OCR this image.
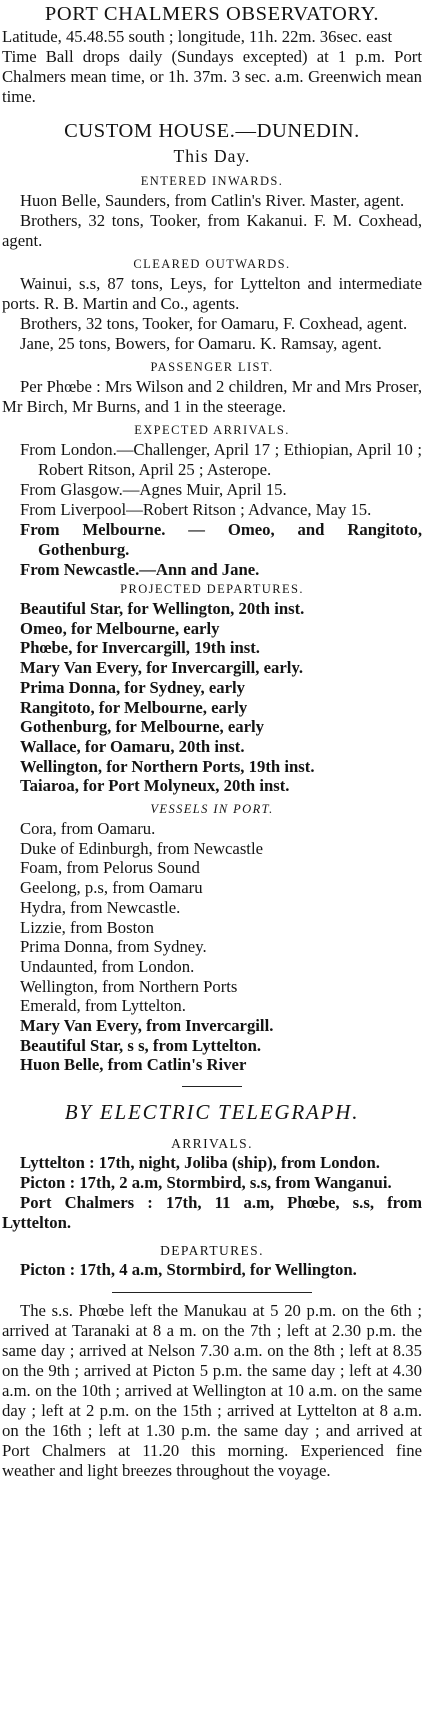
PORT CHALMERS OBSERVATORY.

Latitude, 45.48.55 south ; longitude, 11h. 22m. 36sec. east

Time Ball drops daily (Sundays excepted) at 1 p.m. Port Chalmers mean time, or 1h. 37m. 3 sec. a.m. Greenwich mean time.

CUSTOM HOUSE.—DUNEDIN.

This Day.

ENTERED INWARDS.

Huon Belle, Saunders, from Catlin's River. Master, agent.

Brothers, 32 tons, Tooker, from Kakanui. F. M. Coxhead, agent.

CLEARED OUTWARDS.

Wainui, s.s, 87 tons, Leys, for Lyttelton and intermediate ports. R. B. Martin and Co., agents.

Brothers, 32 tons, Tooker, for Oamaru, F. Coxhead, agent.

Jane, 25 tons, Bowers, for Oamaru. K. Ramsay, agent.

PASSENGER LIST.

Per Phœbe : Mrs Wilson and 2 children, Mr and Mrs Proser, Mr Birch, Mr Burns, and 1 in the steerage.

EXPECTED ARRIVALS.

From London.—Challenger, April 17 ; Ethiopian, April 10 ; Robert Ritson, April 25 ; Asterope.

From Glasgow.—Agnes Muir, April 15.

From Liverpool—Robert Ritson ; Advance, May 15.

From Melbourne. — Omeo, and Rangitoto, Gothenburg.

From Newcastle.—Ann and Jane.

PROJECTED DEPARTURES.

Beautiful Star, for Wellington, 20th inst.

Omeo, for Melbourne, early

Phœbe, for Invercargill, 19th inst.

Mary Van Every, for Invercargill, early.

Prima Donna, for Sydney, early

Rangitoto, for Melbourne, early

Gothenburg, for Melbourne, early

Wallace, for Oamaru, 20th inst.

Wellington, for Northern Ports, 19th inst.

Taiaroa, for Port Molyneux, 20th inst.

VESSELS IN PORT.

Cora, from Oamaru.

Duke of Edinburgh, from Newcastle

Foam, from Pelorus Sound

Geelong, p.s, from Oamaru

Hydra, from Newcastle.

Lizzie, from Boston

Prima Donna, from Sydney.

Undaunted, from London.

Wellington, from Northern Ports

Emerald, from Lyttelton.

Mary Van Every, from Invercargill.

Beautiful Star, s s, from Lyttelton.

Huon Belle, from Catlin's River

BY ELECTRIC TELEGRAPH.

ARRIVALS.

Lyttelton : 17th, night, Joliba (ship), from London.

Picton : 17th, 2 a.m, Stormbird, s.s, from Wanganui.

Port Chalmers : 17th, 11 a.m, Phœbe, s.s, from Lyttelton.

DEPARTURES.

Picton : 17th, 4 a.m, Stormbird, for Wellington.

The s.s. Phœbe left the Manukau at 5 20 p.m. on the 6th ; arrived at Taranaki at 8 a m. on the 7th ; left at 2.30 p.m. the same day ; arrived at Nelson 7.30 a.m. on the 8th ; left at 8.35 on the 9th ; arrived at Picton 5 p.m. the same day ; left at 4.30 a.m. on the 10th ; arrived at Wellington at 10 a.m. on the same day ; left at 2 p.m. on the 15th ; arrived at Lyttelton at 8 a.m. on the 16th ; left at 1.30 p.m. the same day ; and arrived at Port Chalmers at 11.20 this morning. Experienced fine weather and light breezes throughout the voyage.
